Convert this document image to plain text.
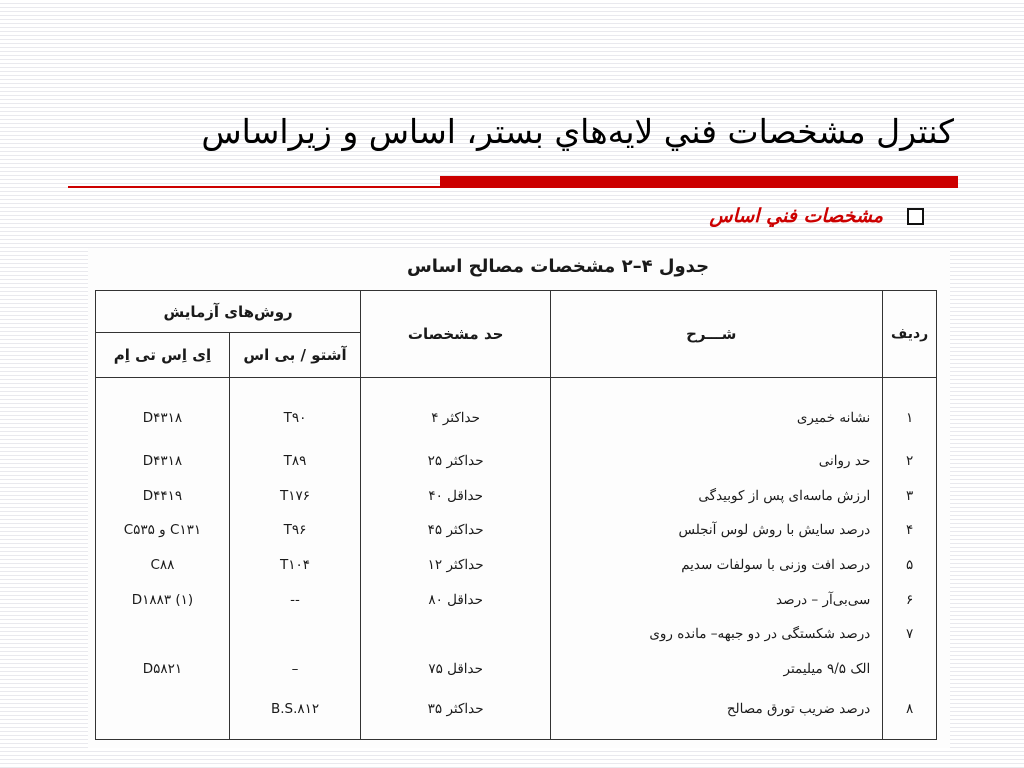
كنترل مشخصات فني لايه‌هاي بستر، اساس و زيراساس
مشخصات فني اساس
جدول ۴–۲ مشخصات مصالح اساس
ردیف	شـــرح	حد مشخصات	روش‌های آزمایش	
			آشتو / بی اس	اِی اِس تی اِم
۱	نشانه خمیری	حداکثر ۴	T۹۰	D۴۳۱۸
۲	حد روانی	حداکثر ۲۵	T۸۹	D۴۳۱۸
۳	ارزش ماسه‌ای پس از کوبیدگی	حداقل ۴۰	T۱۷۶	D۴۴۱۹
۴	درصد سایش با روش لوس آنجلس	حداکثر ۴۵	T۹۶	C۱۳۱ و C۵۳۵
۵	درصد افت وزنی با سولفات سدیم	حداکثر ۱۲	T۱۰۴	C۸۸
۶	سی‌بی‌آر – درصد	حداقل ۸۰	--	D۱۸۸۳ (۱)
۷	درصد شکستگی در دو جبهه– مانده روی			
	الک ۹/۵ میلیمتر	حداقل ۷۵	–	D۵۸۲۱
۸	درصد ضریب تورق مصالح	حداکثر ۳۵	B.S.۸۱۲	
